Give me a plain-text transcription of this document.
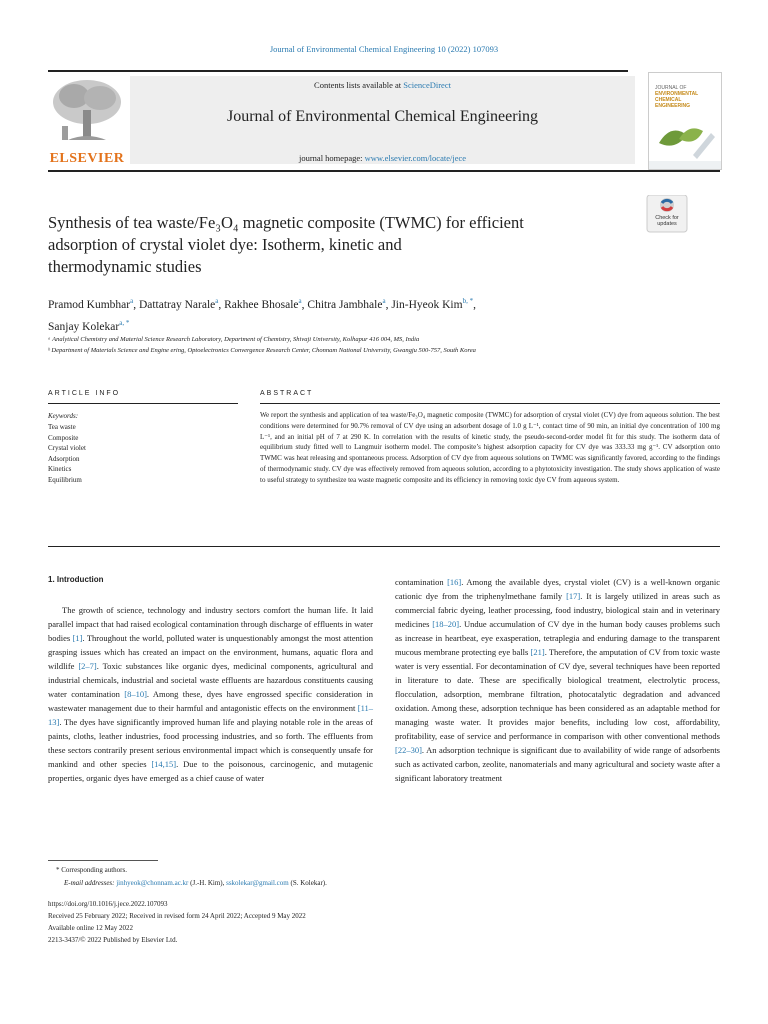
Journal of Environmental Chemical Engineering 10 (2022) 107093
ELSEVIER
Contents lists available at ScienceDirect
Journal of Environmental Chemical Engineering
journal homepage: www.elsevier.com/locate/jece
JOURNAL OF
ENVIRONMENTAL
CHEMICAL
ENGINEERING
Check for
updates
Synthesis of tea waste/Fe₃O₄ magnetic composite (TWMC) for efficient
adsorption of crystal violet dye: Isotherm, kinetic and
thermodynamic studies
Pramod Kumbhar$^a$, Dattatray Narale$^a$, Rakhee Bhosale$^a$, Chitra Jambhale$^a$, Jin-Hyeok Kim$^{b, *}$,
Sanjay Kolekar$^{a, *}$
ᵃ Analytical Chemistry and Material Science Research Laboratory, Department of Chemistry, Shivaji University, Kolhapur 416 004, MS, India
ᵇ Department of Materials Science and Engine ering, Optoelectronics Convergence Research Center, Chonnam National University, Gwangju 500-757, South Korea
ARTICLE INFO	ABSTRACT
Keywords:
Tea waste
Composite
Crystal violet
Adsorption
Kinetics
Equilibrium
We report the synthesis and application of tea waste/Fe₃O₄ magnetic composite (TWMC) for adsorption of crystal violet (CV) dye from aqueous solution. The best conditions were determined for 90.7% removal of CV dye using an adsorbent dosage of 1.0 g L⁻¹, contact time of 90 min, an initial dye concentration of 100 mg L⁻¹, and an initial pH of 7 at 290 K. In correlation with the results of kinetic study, the pseudo-second-order model fit for this study. The isotherm data of equilibrium study fitted well to Langmuir isotherm model. The composite’s highest adsorption capacity for CV dye was 333.33 mg g⁻¹. CV adsorption onto TWMC was heat releasing and spontaneous process. Adsorption of CV dye from aqueous solutions on TWMC was significantly favored, according to the findings of thermodynamic study. CV dye was effectively removed from aqueous solution, according to a phytotoxicity investigation. The study shows application of waste to useful strategy to synthesize tea waste magnetic composite and its efficiency in removing toxic dye CV from aqueous system.
1. Introduction
The growth of science, technology and industry sectors comfort the human life. It laid parallel impact that had raised ecological contamination through discharge of effluents in water bodies [1]. Throughout the world, polluted water is unquestionably amongst the most attention grasping issues which has created an impact on the environment, humans, aquatic flora and wildlife [2–7]. Toxic substances like organic dyes, medicinal components, agricultural and industrial chemicals, industrial and societal waste effluents are hazardous constituents causing water contamination [8–10]. Among these, dyes have engrossed specific consideration in wastewater management due to their harmful and antagonistic effects on the environment [11–13]. The dyes have significantly improved human life and playing notable role in the areas of paints, cloths, leather industries, food processing industries, and so forth. The effluents from these sectors contrarily present serious environmental impact which is consequently unsafe for mankind and other species [14,15]. Due to the poisonous, carcinogenic, and mutagenic properties, organic dyes have emerged as a chief cause of water
contamination [16]. Among the available dyes, crystal violet (CV) is a well-known organic cationic dye from the triphenylmethane family [17]. It is largely utilized in areas such as commercial fabric dyeing, leather processing, food industry, biological stain and in veterinary medicines [18–20]. Undue accumulation of CV dye in the human body causes problems such as increase in heartbeat, eye exasperation, tetraplegia and enduring damage to the transparent mucous membrane protecting eye balls [21]. Therefore, the amputation of CV from toxic waste water is very essential. For decontamination of CV dye, several techniques have been reported in literature to date. These are specifically biological treatment, electrolytic process, flocculation, adsorption, membrane filtration, photocatalytic degradation and advanced oxidation. Among these, adsorption technique has been considered as an adaptable method for managing waste water. It provides major benefits, including low cost, affordability, profitability, ease of service and performance in comparison with other conventional methods [22–30]. An adsorption technique is significant due to availability of wide range of adsorbents such as activated carbon, zeolite, nanomaterials and many agricultural and society waste after a significant laboratory treatment
* Corresponding authors.
E-mail addresses: jinhyeok@chonnam.ac.kr (J.-H. Kim), sskolekar@gmail.com (S. Kolekar).
https://doi.org/10.1016/j.jece.2022.107093
Received 25 February 2022; Received in revised form 24 April 2022; Accepted 9 May 2022
Available online 12 May 2022
2213-3437/© 2022 Published by Elsevier Ltd.
